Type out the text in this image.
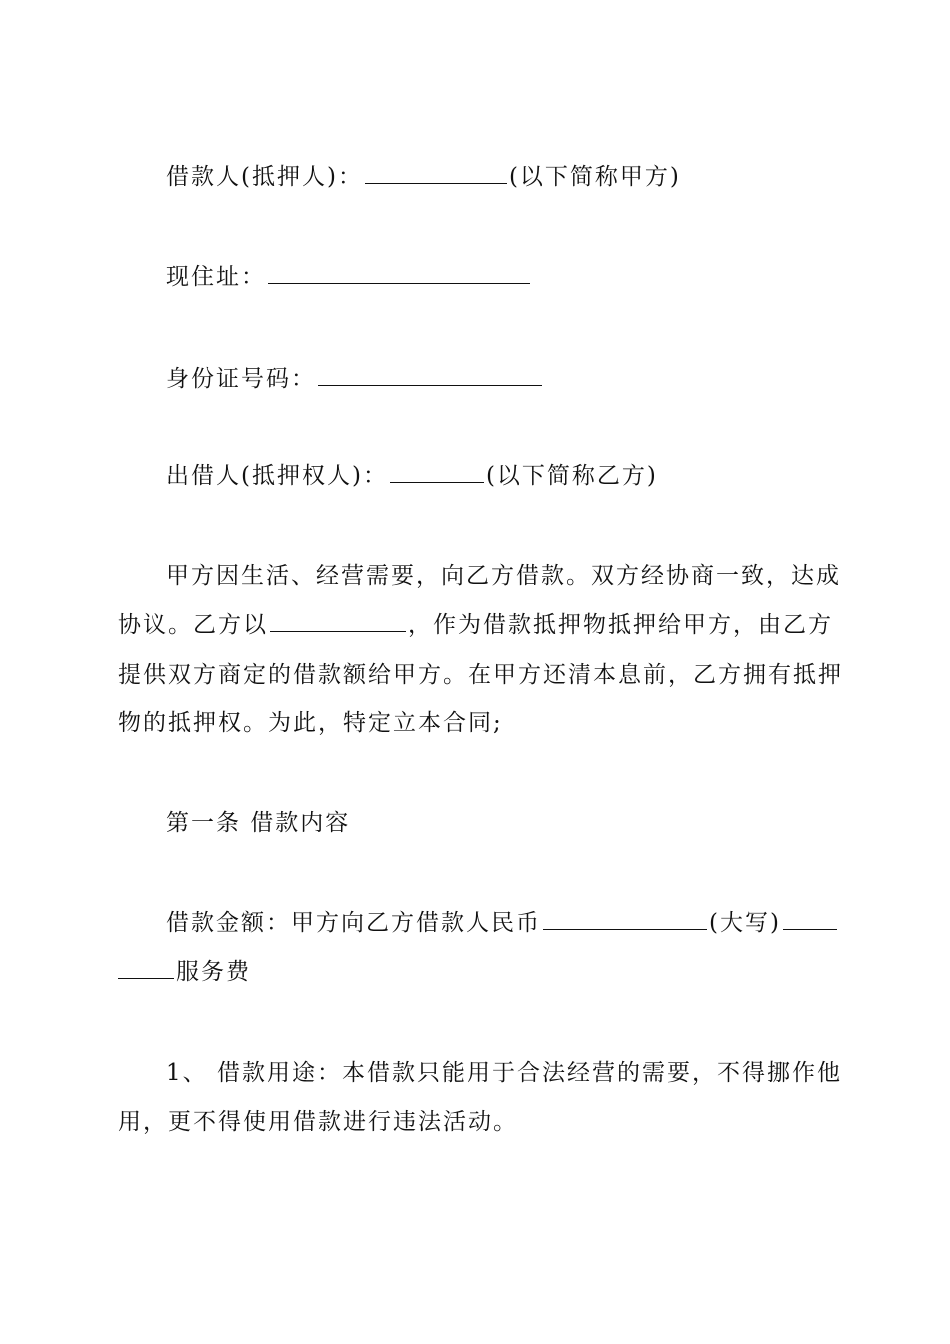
借款人(抵押人)：	(以下简称甲方)
现住址：
身份证号码：
出借人(抵押权人)：	(以下简称乙方)
甲方因生活、经营需要，向乙方借款。双方经协商一致，达成
协议。乙方以	，作为借款抵押物抵押给甲方，由乙方
提供双方商定的借款额给甲方。在甲方还清本息前，乙方拥有抵押
物的抵押权。为此，特定立本合同;
第一条 借款内容
借款金额：甲方向乙方借款人民币	(大写)
服务费
1、 借款用途：本借款只能用于合法经营的需要，不得挪作他
用，更不得使用借款进行违法活动。
